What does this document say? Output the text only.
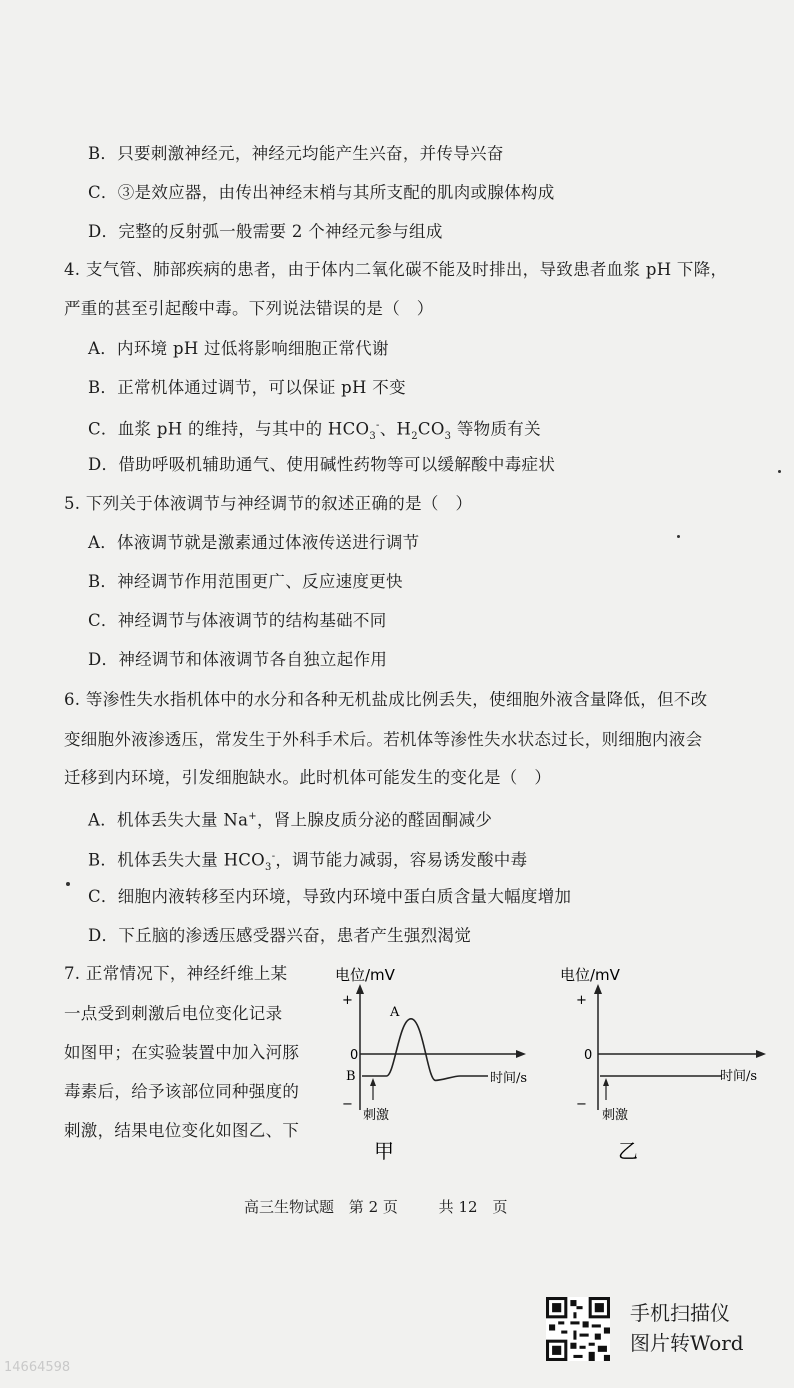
B．只要刺激神经元，神经元均能产生兴奋，并传导兴奋
C．③是效应器，由传出神经末梢与其所支配的肌肉或腺体构成
D．完整的反射弧一般需要 2 个神经元参与组成
4. 支气管、肺部疾病的患者，由于体内二氧化碳不能及时排出，导致患者血浆 pH 下降，
严重的甚至引起酸中毒。下列说法错误的是（　）
A．内环境 pH 过低将影响细胞正常代谢
B．正常机体通过调节，可以保证 pH 不变
C．血浆 pH 的维持，与其中的 $HCO_3^-$、$H_2CO_3$ 等物质有关
D．借助呼吸机辅助通气、使用碱性药物等可以缓解酸中毒症状
5. 下列关于体液调节与神经调节的叙述正确的是（　）
A．体液调节就是激素通过体液传送进行调节
B．神经调节作用范围更广、反应速度更快
C．神经调节与体液调节的结构基础不同
D．神经调节和体液调节各自独立起作用
6. 等渗性失水指机体中的水分和各种无机盐成比例丢失，使细胞外液含量降低，但不改
变细胞外液渗透压，常发生于外科手术后。若机体等渗性失水状态过长，则细胞内液会
迁移到内环境，引发细胞缺水。此时机体可能发生的变化是（　）
A．机体丢失大量 Na+，肾上腺皮质分泌的醛固酮减少
B．机体丢失大量 $HCO_3^-$，调节能力减弱，容易诱发酸中毒
C．细胞内液转移至内环境，导致内环境中蛋白质含量大幅度增加
D．下丘脑的渗透压感受器兴奋，患者产生强烈渴觉
7. 正常情况下，神经纤维上某
一点受到刺激后电位变化记录
如图甲；在实验装置中加入河豚
毒素后，给予该部位同种强度的
刺激，结果电位变化如图乙、下
电位/mV
+
0
−
A
B
刺激
时间/s
甲
电位/mV
+
0
−
刺激
时间/s
乙
高三生物试题 第 2 页	共 12　页
手机扫描仪
图片转Word
14664598
